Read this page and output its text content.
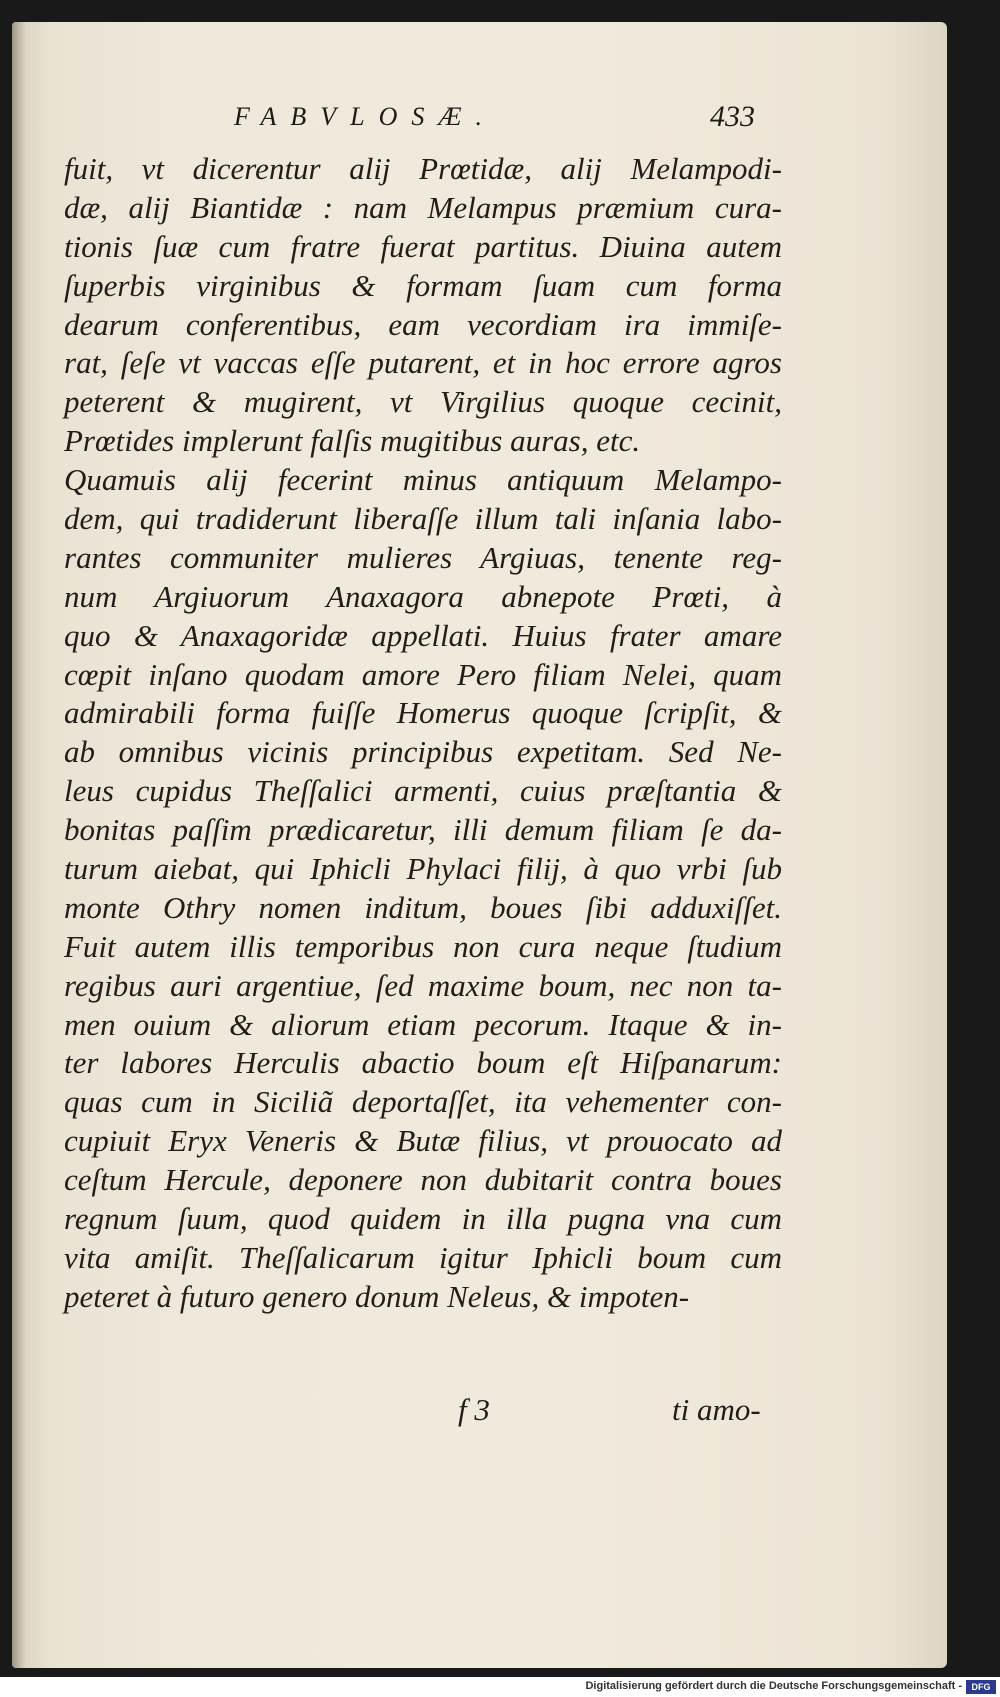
FABVLOSÆ.	433
fuit, vt dicerentur alij Prœtidæ, alij Melampodi-
dæ, alij Biantidæ : nam Melampus præmium cura-
tionis ſuæ cum fratre fuerat partitus. Diuina autem
ſuperbis virginibus & formam ſuam cum forma
dearum conferentibus, eam vecordiam ira immiſe-
rat, ſeſe vt vaccas eſſe putarent, et in hoc errore agros
peterent & mugirent, vt Virgilius quoque cecinit,
Prœtides implerunt falſis mugitibus auras, etc.
Quamuis alij fecerint minus antiquum Melampo-
dem, qui tradiderunt liberaſſe illum tali inſania labo-
rantes communiter mulieres Argiuas, tenente reg-
num Argiuorum Anaxagora abnepote Prœti, à
quo & Anaxagoridæ appellati. Huius frater amare
cœpit inſano quodam amore Pero filiam Nelei, quam
admirabili forma fuiſſe Homerus quoque ſcripſit, &
ab omnibus vicinis principibus expetitam. Sed Ne-
leus cupidus Theſſalici armenti, cuius præſtantia &
bonitas paſſim prædicaretur, illi demum filiam ſe da-
turum aiebat, qui Iphicli Phylaci filij, à quo vrbi ſub
monte Othry nomen inditum, boues ſibi adduxiſſet.
Fuit autem illis temporibus non cura neque ſtudium
regibus auri argentiue, ſed maxime boum, nec non ta-
men ouium & aliorum etiam pecorum. Itaque & in-
ter labores Herculis abactio boum eſt Hiſpanarum:
quas cum in Siciliã deportaſſet, ita vehementer con-
cupiuit Eryx Veneris & Butæ filius, vt prouocato ad
ceſtum Hercule, deponere non dubitarit contra boues
regnum ſuum, quod quidem in illa pugna vna cum
vita amiſit. Theſſalicarum igitur Iphicli boum cum
peteret à futuro genero donum Neleus, & impoten-
f 3	ti amo-
Digitalisierung gefördert durch die Deutsche Forschungsgemeinschaft -	DFG
